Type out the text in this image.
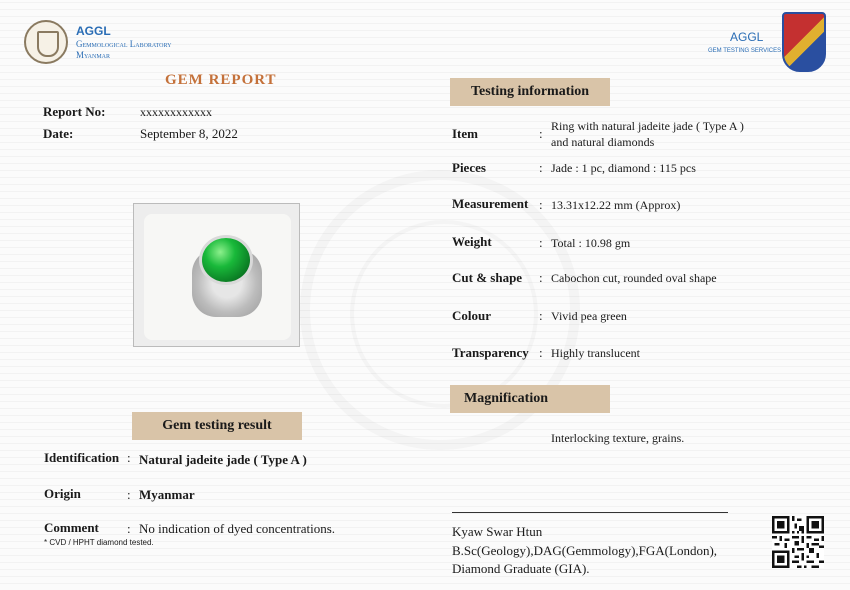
AGGL
Gemmological Laboratory
Myanmar
AGGL
GEM TESTING SERVICES
GEM REPORT
Report No:	xxxxxxxxxxxx
Date:	September 8, 2022
Testing information
Item	: Ring with natural jadeite jade ( Type A )
and natural diamonds
Pieces	: Jade : 1 pc, diamond : 115 pcs
Measurement : 13.31x12.22 mm (Approx)
Weight	: Total : 10.98 gm
Cut & shape : Cabochon cut, rounded oval shape
Colour	: Vivid pea green
Transparency : Highly translucent
Magnification
Interlocking texture, grains.
Gem testing result
Identification : Natural jadeite jade ( Type A )
Origin	: Myanmar
Comment : No indication of dyed concentrations.
* CVD / HPHT diamond tested.
Kyaw Swar Htun
B.Sc(Geology),DAG(Gemmology),FGA(London),
Diamond Graduate (GIA).
